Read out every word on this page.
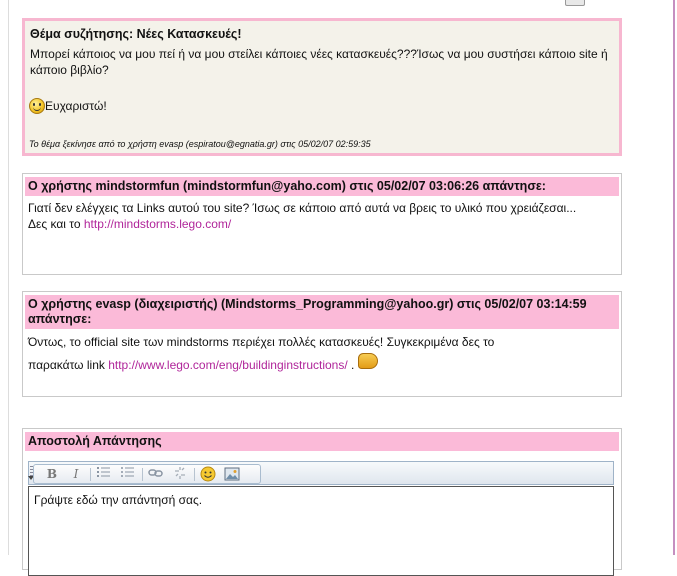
Θέμα συζήτησης: Νέες Κατασκευές!
Μπορεί κάποιος να μου πεί ή να μου στείλει κάποιες νέες κατασκευές???Ίσως να μου συστήσει κάποιο site ή κάποιο βιβλίο?
Ευχαριστώ!
Το θέμα ξεκίνησε από το χρήστη evasp (espiratou@egnatia.gr) στις 05/02/07 02:59:35
Ο χρήστης mindstormfun (mindstormfun@yaho.com) στις 05/02/07 03:06:26 απάντησε:
Γιατί δεν ελέγχεις τα Links αυτού του site? Ίσως σε κάποιο από αυτά να βρεις το υλικό που χρειάζεσαι...
Δες και το http://mindstorms.lego.com/
Ο χρήστης evasp (διαχειριστής) (Mindstorms_Programming@yahoo.gr) στις 05/02/07 03:14:59 απάντησε:
Όντως, το official site των mindstorms περιέχει πολλές κατασκευές! Συγκεκριμένα δες το
παρακάτω link http://www.lego.com/eng/buildinginstructions/ .
Αποστολή Απάντησης
B	I
Γράψτε εδώ την απάντησή σας.
